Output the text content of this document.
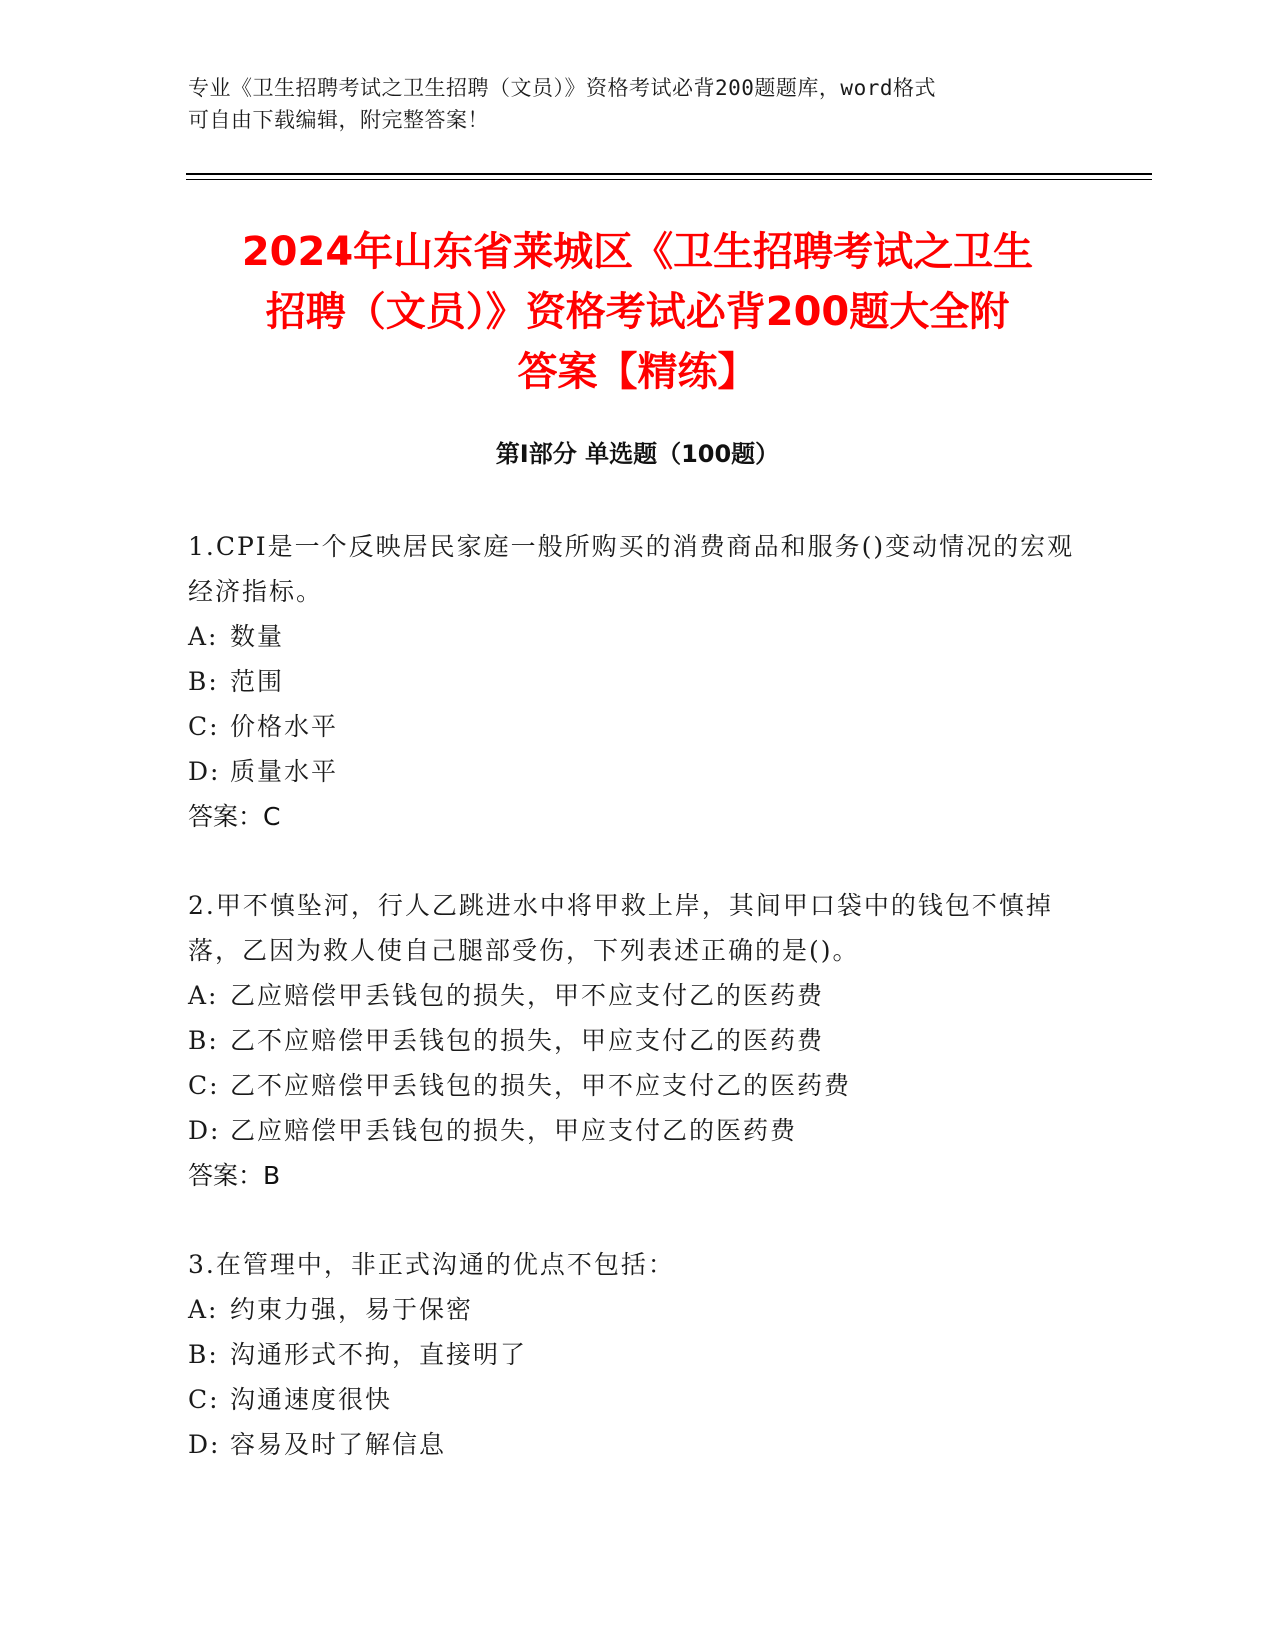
专业《卫生招聘考试之卫生招聘（文员）》资格考试必背200题题库，word格式
可自由下载编辑，附完整答案！
2024年山东省莱城区《卫生招聘考试之卫生
招聘（文员）》资格考试必背200题大全附
答案【精练】
第Ⅰ部分 单选题（100题）
1.CPI是一个反映居民家庭一般所购买的消费商品和服务()变动情况的宏观经济指标。
A: 数量
B: 范围
C: 价格水平
D: 质量水平
答案：C
2.甲不慎坠河，行人乙跳进水中将甲救上岸，其间甲口袋中的钱包不慎掉落，乙因为救人使自己腿部受伤，下列表述正确的是()。
A: 乙应赔偿甲丢钱包的损失，甲不应支付乙的医药费
B: 乙不应赔偿甲丢钱包的损失，甲应支付乙的医药费
C: 乙不应赔偿甲丢钱包的损失，甲不应支付乙的医药费
D: 乙应赔偿甲丢钱包的损失，甲应支付乙的医药费
答案：B
3.在管理中，非正式沟通的优点不包括：
A: 约束力强，易于保密
B: 沟通形式不拘，直接明了
C: 沟通速度很快
D: 容易及时了解信息
